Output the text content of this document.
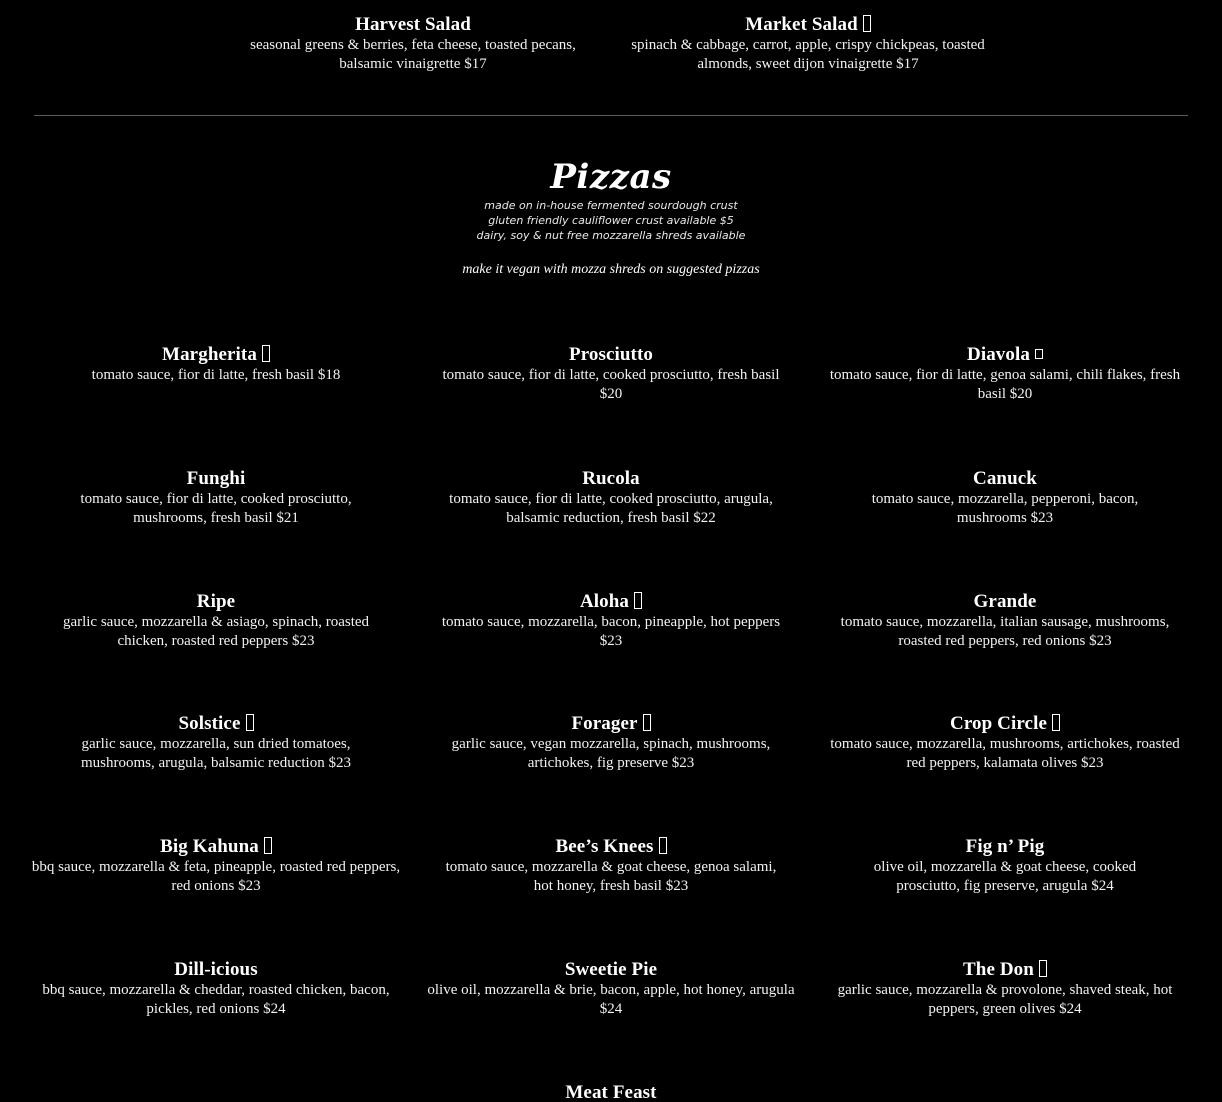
Harvest Salad
seasonal greens & berries, feta cheese, toasted pecans, balsamic vinaigrette $17
Market Salad
spinach & cabbage, carrot, apple, crispy chickpeas, toasted almonds, sweet dijon vinaigrette $17
Pizzas
made on in-house fermented sourdough crust
gluten friendly cauliflower crust available $5
dairy, soy & nut free mozzarella shreds available
make it vegan with mozza shreds on suggested pizzas
Margherita
tomato sauce, fior di latte, fresh basil $18
Prosciutto
tomato sauce, fior di latte, cooked prosciutto, fresh basil $20
Diavola
tomato sauce, fior di latte, genoa salami, chili flakes, fresh basil $20
Funghi
tomato sauce, fior di latte, cooked prosciutto, mushrooms, fresh basil $21
Rucola
tomato sauce, fior di latte, cooked prosciutto, arugula, balsamic reduction, fresh basil $22
Canuck
tomato sauce, mozzarella, pepperoni, bacon, mushrooms $23
Ripe
garlic sauce, mozzarella & asiago, spinach, roasted chicken, roasted red peppers $23
Aloha
tomato sauce, mozzarella, bacon, pineapple, hot peppers $23
Grande
tomato sauce, mozzarella, italian sausage, mushrooms, roasted red peppers, red onions $23
Solstice
garlic sauce, mozzarella, sun dried tomatoes, mushrooms, arugula, balsamic reduction $23
Forager
garlic sauce, vegan mozzarella, spinach, mushrooms, artichokes, fig preserve $23
Crop Circle
tomato sauce, mozzarella, mushrooms, artichokes, roasted red peppers, kalamata olives $23
Big Kahuna
bbq sauce, mozzarella & feta, pineapple, roasted red peppers, red onions $23
Bee’s Knees
tomato sauce, mozzarella & goat cheese, genoa salami, hot honey, fresh basil $23
Fig n’ Pig
olive oil, mozzarella & goat cheese, cooked prosciutto, fig preserve, arugula $24
Dill-icious
bbq sauce, mozzarella & cheddar, roasted chicken, bacon, pickles, red onions $24
Sweetie Pie
olive oil, mozzarella & brie, bacon, apple, hot honey, arugula $24
The Don
garlic sauce, mozzarella & provolone, shaved steak, hot peppers, green olives $24
Meat Feast
